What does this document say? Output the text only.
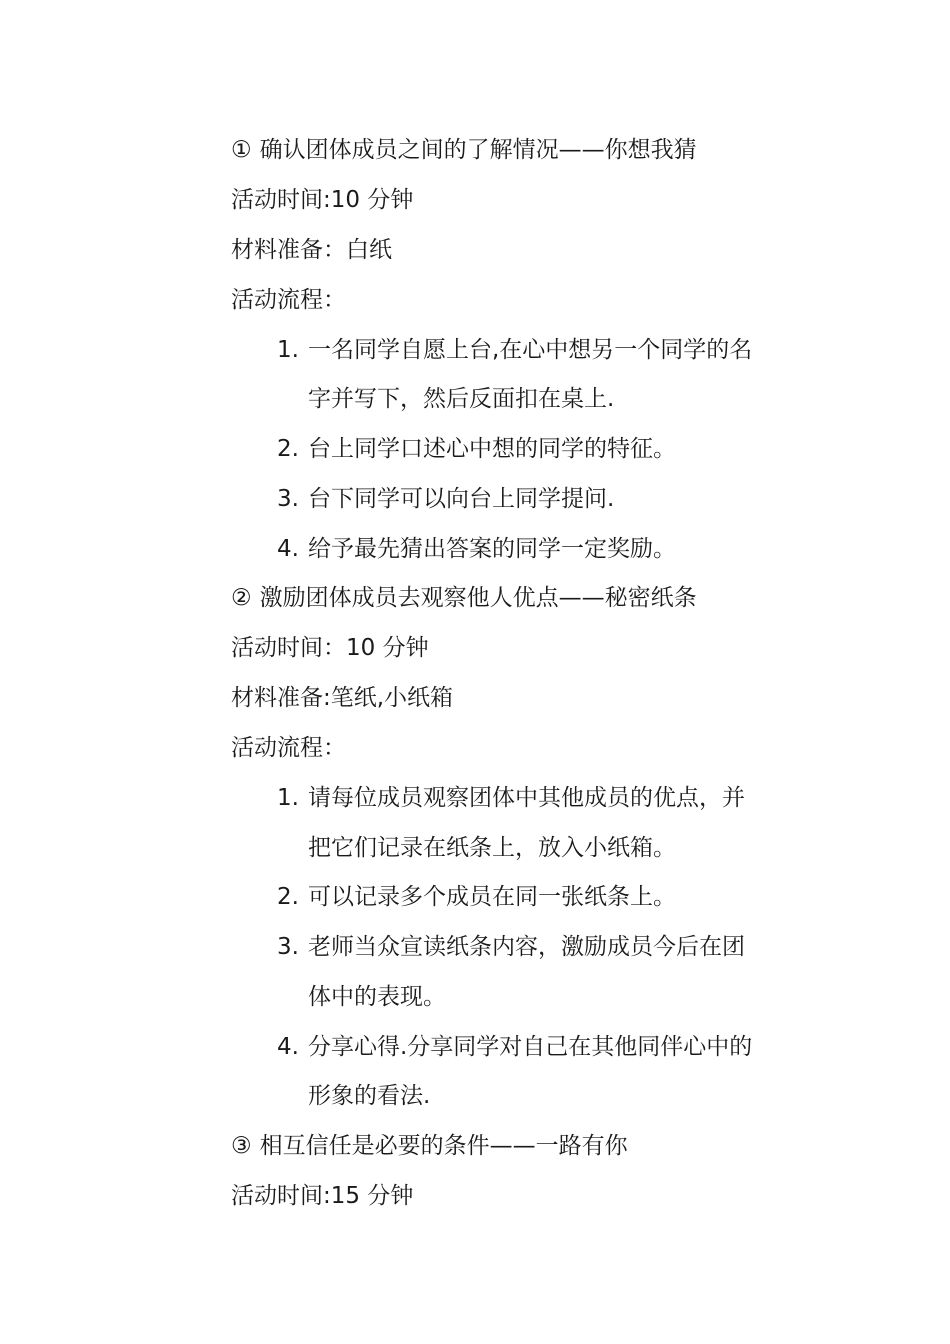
① 确认团体成员之间的了解情况——你想我猜
活动时间:10 分钟
材料准备：白纸
活动流程：
1. 一名同学自愿上台,在心中想另一个同学的名
字并写下，然后反面扣在桌上.
2. 台上同学口述心中想的同学的特征。
3. 台下同学可以向台上同学提问.
4. 给予最先猜出答案的同学一定奖励。
② 激励团体成员去观察他人优点——秘密纸条
活动时间：10 分钟
材料准备:笔纸,小纸箱
活动流程：
1. 请每位成员观察团体中其他成员的优点，并
把它们记录在纸条上，放入小纸箱。
2. 可以记录多个成员在同一张纸条上。
3. 老师当众宣读纸条内容，激励成员今后在团
体中的表现。
4. 分享心得.分享同学对自己在其他同伴心中的
形象的看法.
③ 相互信任是必要的条件——一路有你
活动时间:15 分钟
